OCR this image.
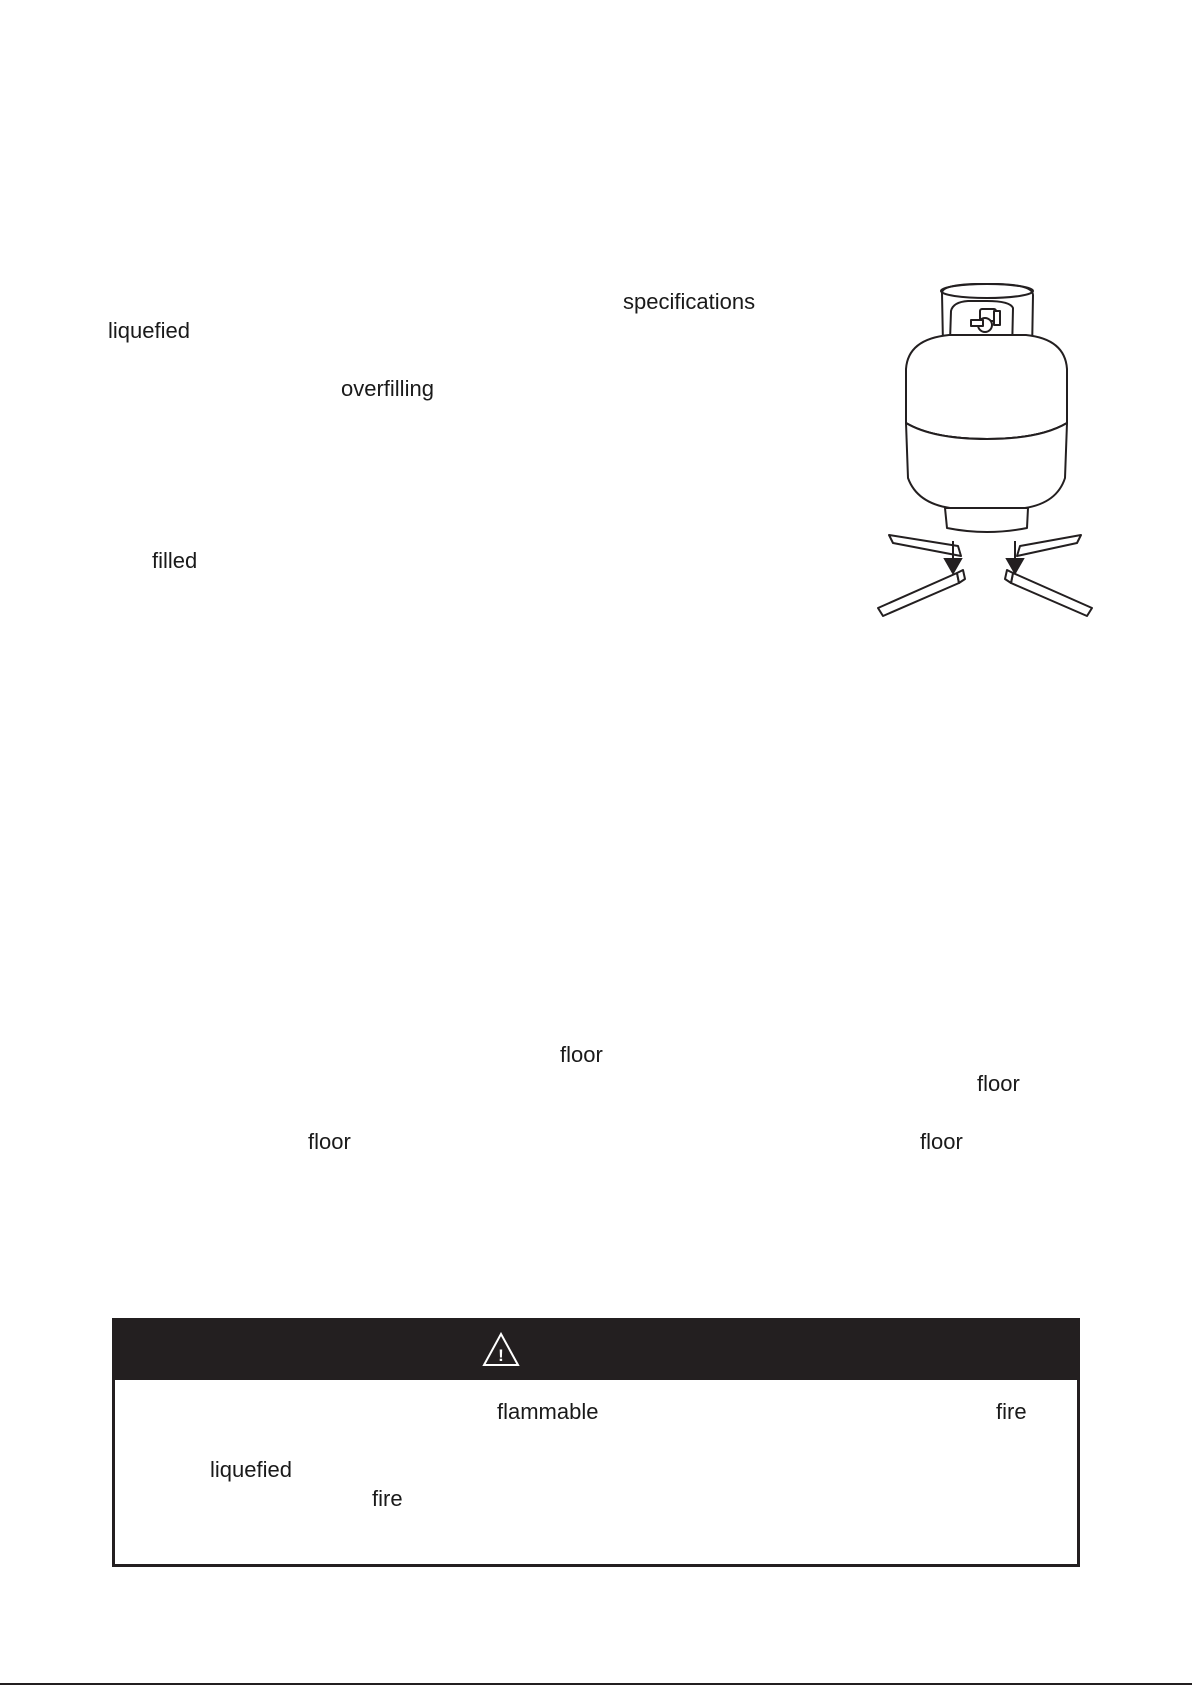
specifications
liquefied
overfilling
filled
floor
floor
floor	floor
!
flammable	fire
liquefied
fire
